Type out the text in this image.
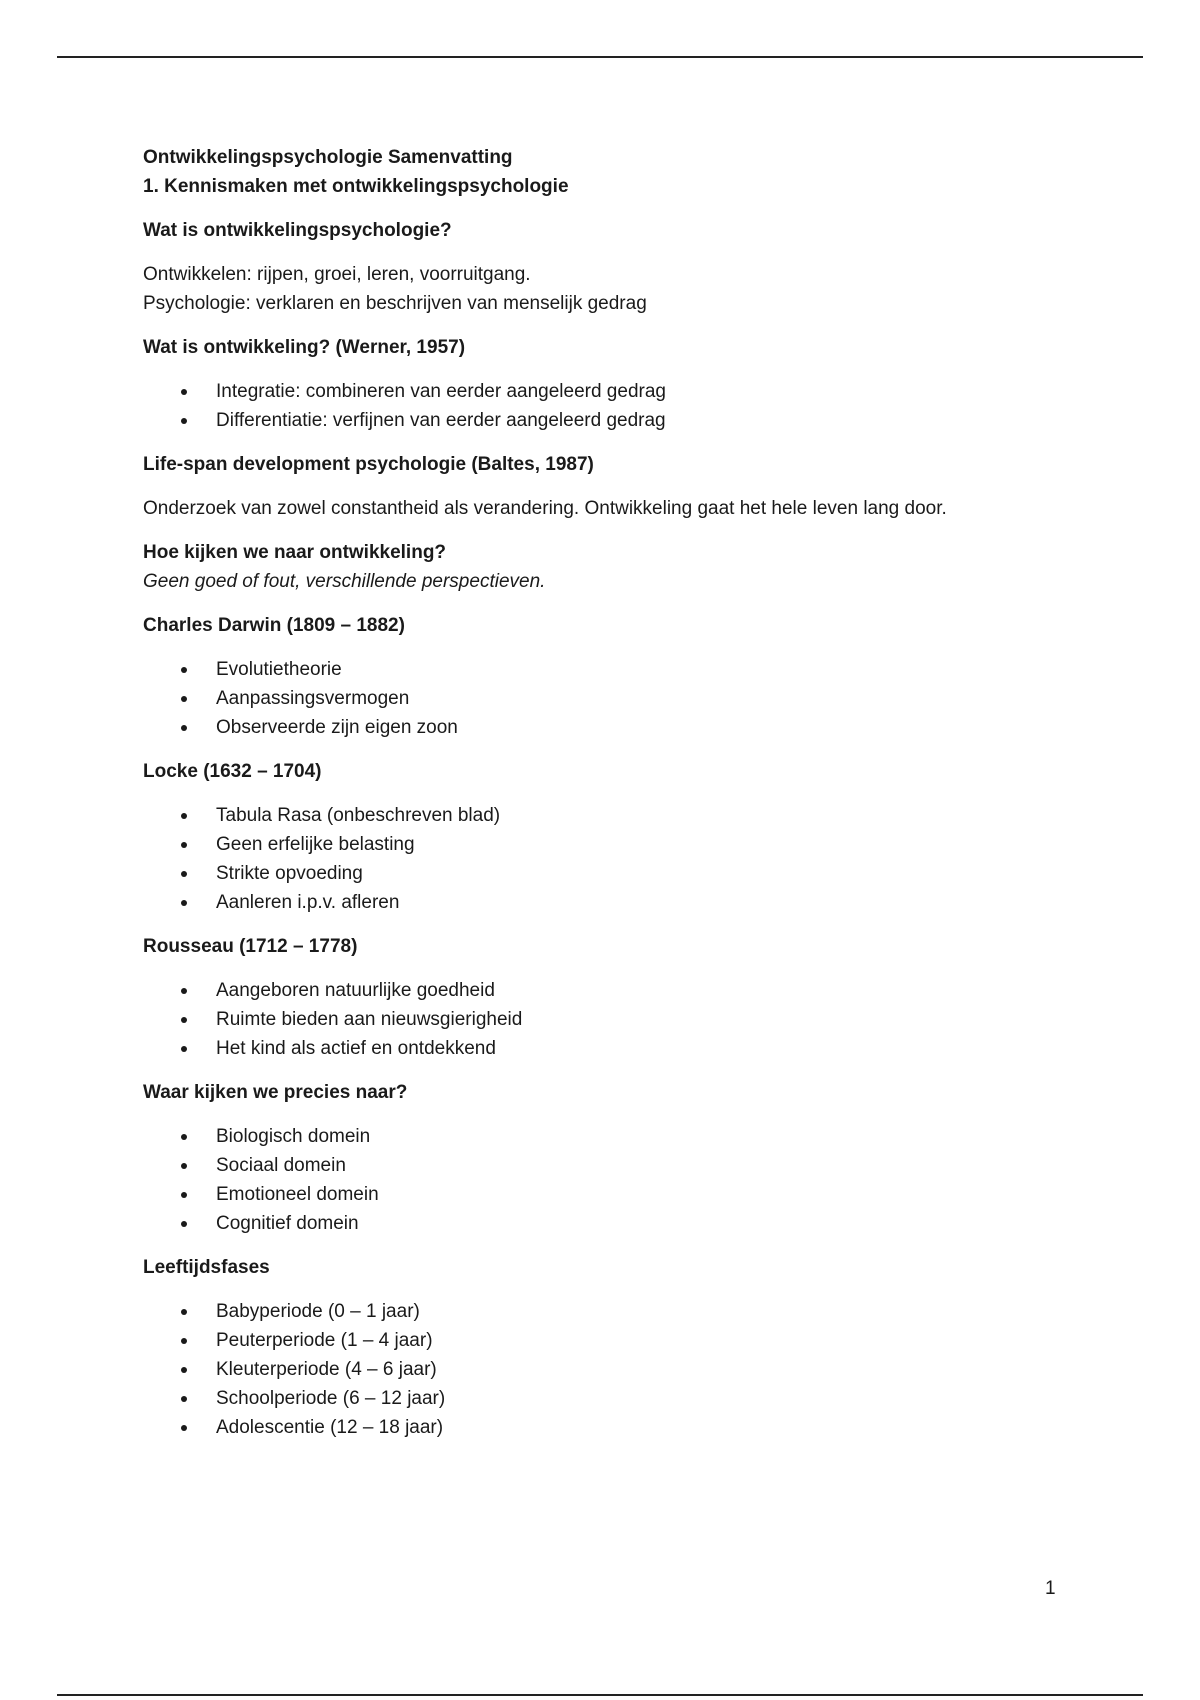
Ontwikkelingspsychologie Samenvatting

1. Kennismaken met ontwikkelingspsychologie

Wat is ontwikkelingspsychologie?

Ontwikkelen: rijpen, groei, leren, voorruitgang.

Psychologie: verklaren en beschrijven van menselijk gedrag

Wat is ontwikkeling? (Werner, 1957)

Integratie: combineren van eerder aangeleerd gedrag
Differentiatie: verfijnen van eerder aangeleerd gedrag

Life-span development psychologie (Baltes, 1987)

Onderzoek van zowel constantheid als verandering. Ontwikkeling gaat het hele leven lang door.

Hoe kijken we naar ontwikkeling?

Geen goed of fout, verschillende perspectieven.

Charles Darwin (1809 – 1882)

Evolutietheorie
Aanpassingsvermogen
Observeerde zijn eigen zoon

Locke (1632 – 1704)

Tabula Rasa (onbeschreven blad)
Geen erfelijke belasting
Strikte opvoeding
Aanleren i.p.v. afleren

Rousseau (1712 – 1778)

Aangeboren natuurlijke goedheid
Ruimte bieden aan nieuwsgierigheid
Het kind als actief en ontdekkend

Waar kijken we precies naar?

Biologisch domein
Sociaal domein
Emotioneel domein
Cognitief domein

Leeftijdsfases

Babyperiode (0 – 1 jaar)
Peuterperiode (1 – 4 jaar)
Kleuterperiode (4 – 6 jaar)
Schoolperiode (6 – 12 jaar)
Adolescentie (12 – 18 jaar)
1
